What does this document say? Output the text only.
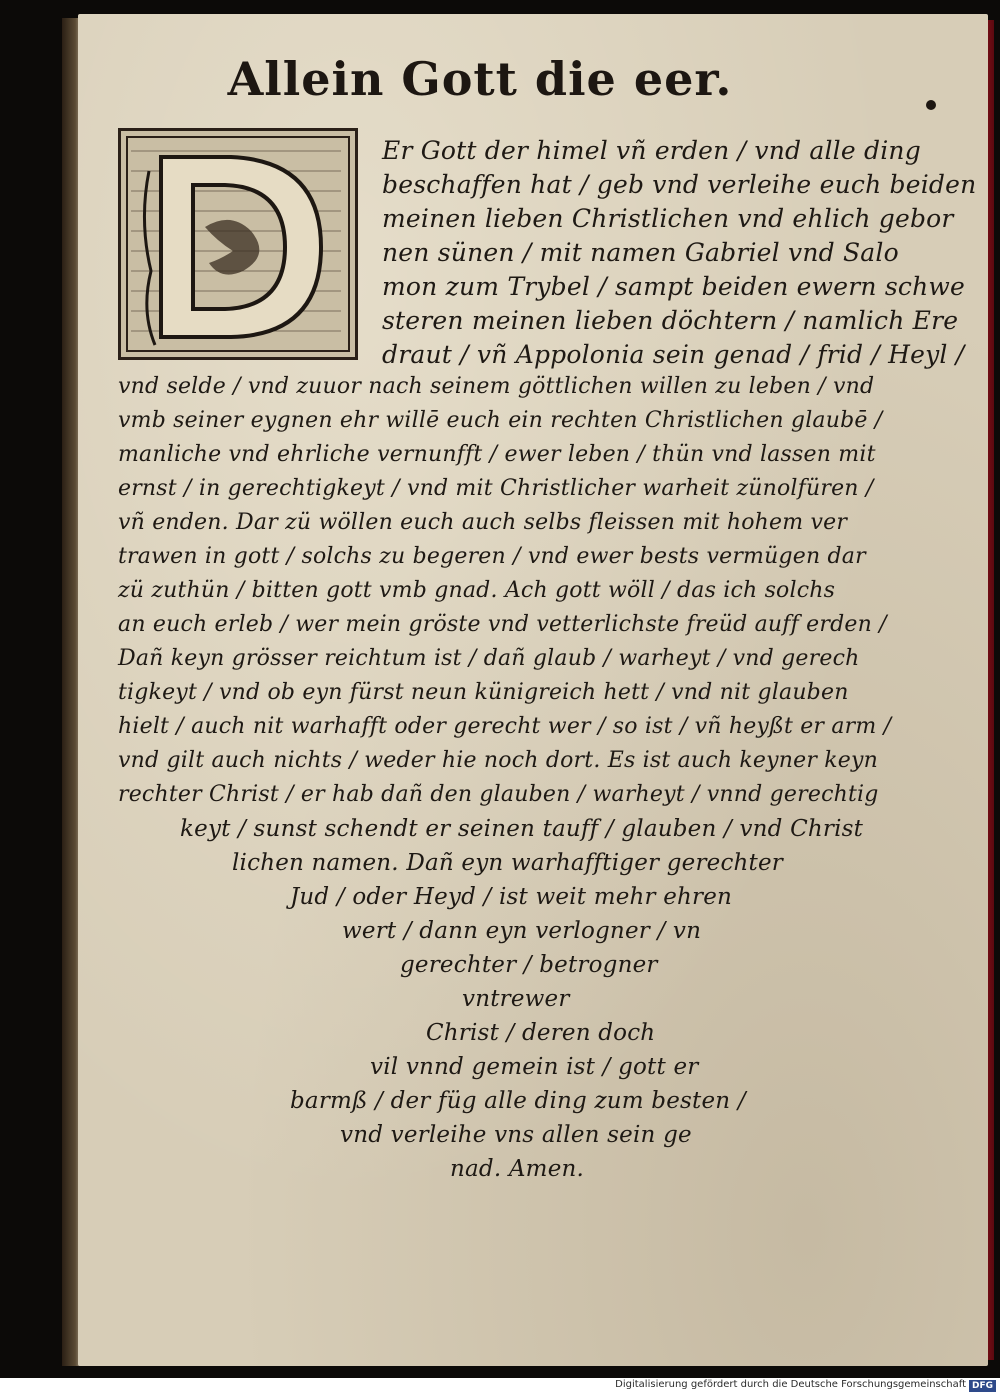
Allein Gott die eer.
Er Gott der himel vñ erden / vnd alle ding
beschaffen hat / geb vnd verleihe euch beiden
meinen lieben Christlichen vnd ehlich gebor
nen sünen / mit namen Gabriel vnd Salo
mon zum Trybel / sampt beiden ewern schwe
steren meinen lieben döchtern / namlich Ere
draut / vñ Appolonia sein genad / frid / Heyl /
vnd selde / vnd zuuor nach seinem göttlichen willen zu leben / vnd
vmb seiner eygnen ehr willē euch ein rechten Christlichen glaubē /
manliche vnd ehrliche vernunfft / ewer leben / thün vnd lassen mit
ernst / in gerechtigkeyt / vnd mit Christlicher warheit zünolfüren /
vñ enden. Dar zü wöllen euch auch selbs fleissen mit hohem ver
trawen in gott / solchs zu begeren / vnd ewer bests vermügen dar
zü zuthün / bitten gott vmb gnad. Ach gott wöll / das ich solchs
an euch erleb / wer mein gröste vnd vetterlichste freüd auff erden /
Dañ keyn grösser reichtum ist / dañ glaub / warheyt / vnd gerech
tigkeyt / vnd ob eyn fürst neun künigreich hett / vnd nit glauben
hielt / auch nit warhafft oder gerecht wer / so ist / vñ heyßt er arm /
vnd gilt auch nichts / weder hie noch dort. Es ist auch keyner keyn
rechter Christ / er hab dañ den glauben / warheyt / vnnd gerechtig
keyt / sunst schendt er seinen tauff / glauben / vnd Christ
lichen namen. Dañ eyn warhafftiger gerechter
Jud / oder Heyd / ist weit mehr ehren
wert / dann eyn verlogner / vn
gerechter / betrogner
vntrewer
Christ / deren doch
vil vnnd gemein ist / gott er
barmß / der füg alle ding zum besten /
vnd verleihe vns allen sein ge
nad. Amen.
Digitalisierung gefördert durch die Deutsche Forschungsgemeinschaft DFG
